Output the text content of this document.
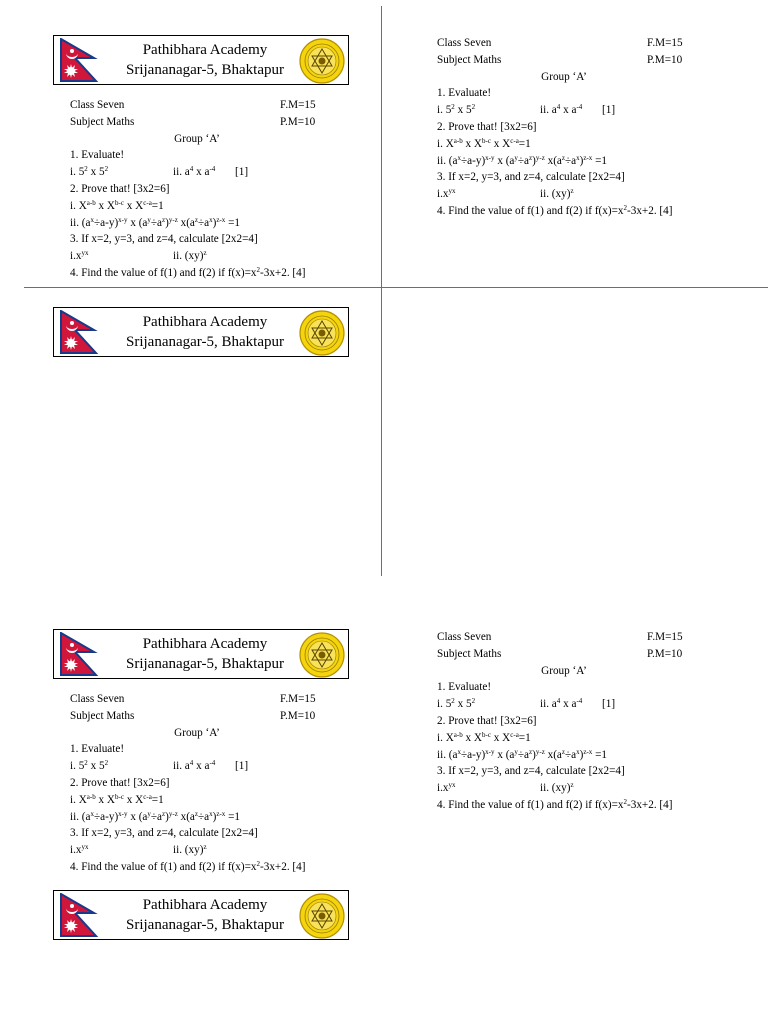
Pathibhara Academy
Srijananagar-5, Bhaktapur
Pathibhara Academy
Srijananagar-5, Bhaktapur
Pathibhara Academy
Srijananagar-5, Bhaktapur
Pathibhara Academy
Srijananagar-5, Bhaktapur
Class Seven	F.M=15
Subject Maths	P.M=10
Group ‘A’
1. Evaluate!
i. $5^2$ x $5^2$	ii. $a^4$ x $a^{-4}$ [1]
2. Prove that! [3x2=6]
i. $X^{a-b}$ x $X^{b-c}$ x $X^{c-a}=1$
ii. $(a^x\div a-y)^{x-y}$ x $(a^y\div a^z)^{y-z}$ $x(a^z\div a^x)^{z-x} =1$
3. If x=2, y=3, and z=4, calculate [2x2=4]
$i.x^{yx}$	ii. (xy)$^z$
4. Find the value of f(1) and f(2) if $f(x)=x^2-3x+2$. [4]
Class Seven	F.M=15
Subject Maths	P.M=10
Group ‘A’
1. Evaluate!
i. $5^2$ x $5^2$	ii. $a^4$ x $a^{-4}$ [1]
2. Prove that! [3x2=6]
i. $X^{a-b}$ x $X^{b-c}$ x $X^{c-a}=1$
ii. $(a^x\div a-y)^{x-y}$ x $(a^y\div a^z)^{y-z}$ $x(a^z\div a^x)^{z-x} =1$
3. If x=2, y=3, and z=4, calculate [2x2=4]
$i.x^{yx}$	ii. (xy)$^z$
4. Find the value of f(1) and f(2) if $f(x)=x^2-3x+2$. [4]
Class Seven	F.M=15
Subject Maths	P.M=10
Group ‘A’
1. Evaluate!
i. $5^2$ x $5^2$	ii. $a^4$ x $a^{-4}$ [1]
2. Prove that! [3x2=6]
i. $X^{a-b}$ x $X^{b-c}$ x $X^{c-a}=1$
ii. $(a^x\div a-y)^{x-y}$ x $(a^y\div a^z)^{y-z}$ $x(a^z\div a^x)^{z-x} =1$
3. If x=2, y=3, and z=4, calculate [2x2=4]
$i.x^{yx}$	ii. (xy)$^z$
4. Find the value of f(1) and f(2) if $f(x)=x^2-3x+2$. [4]
Class Seven	F.M=15
Subject Maths	P.M=10
Group ‘A’
1. Evaluate!
i. $5^2$ x $5^2$	ii. $a^4$ x $a^{-4}$ [1]
2. Prove that! [3x2=6]
i. $X^{a-b}$ x $X^{b-c}$ x $X^{c-a}=1$
ii. $(a^x\div a-y)^{x-y}$ x $(a^y\div a^z)^{y-z}$ $x(a^z\div a^x)^{z-x} =1$
3. If x=2, y=3, and z=4, calculate [2x2=4]
$i.x^{yx}$	ii. (xy)$^z$
4. Find the value of f(1) and f(2) if $f(x)=x^2-3x+2$. [4]
